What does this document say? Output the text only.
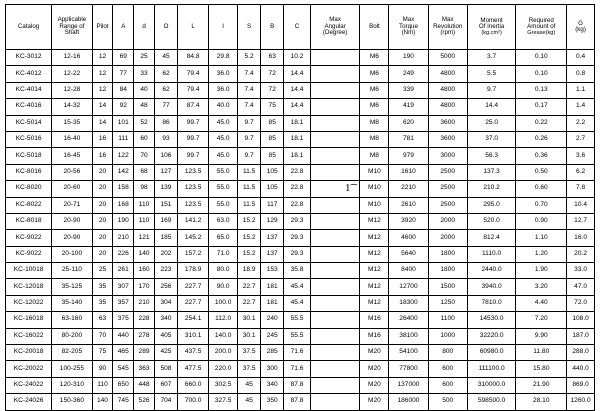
Catalog	Applicable
Range of
Shaft	Pilot	A	d	O	L	I	S	B	C	Max
Angular
(Degree)	Bolt	Max
Torque
(Nm)	Max
Revolution
(rpm)	Moment
Of Inertia
(kg.cm²)	Required
Amount of
Grease(kg)	G
(kg)

KC-3012	12-16	12	69	25	45	84.8	29.8	5.2	63	10.2		M6	190	5000	3.7	0.10	0.4
KC-4012	12-22	12	77	33	62	79.4	36.0	7.4	72	14.4		M6	249	4800	5.5	0.10	0.8
KC-4014	12-28	12	84	40	62	79.4	36.0	7.4	72	14.4		M6	339	4800	9.7	0.13	1.1
KC-4016	14-32	14	92	48	77	87.4	40.0	7.4	75	14.4		M6	419	4800	14.4	0.17	1.4
KC-5014	15-35	14	101	52	86	99.7	45.0	9.7	85	18.1		M8	620	3600	25.0	0.22	2.2
KC-5016	16-40	16	111	60	93	99.7	45.0	9.7	85	18.1		M8	781	3600	37.0	0.26	2.7
KC-5018	16-45	16	122	70	106	99.7	45.0	9.7	85	18.1		M8	979	3000	56.3	0.36	3.6
KC-8016	20-56	20	142	68	127	123.5	55.0	11.5	105	22.8		M10	1610	2500	137.3	0.50	6.2
KC-8020	20-60	20	158	98	139	123.5	55.0	11.5	105	22.8		M10	2210	2500	210.2	0.60	7.8
KC-8022	20-71	20	168	110	151	123.5	55.0	11.5	117	22.8		M10	2610	2500	295.0	0.70	10.4
KC-8018	20-90	20	190	110	169	141.2	63.0	15.2	129	29.3		M12	3920	2000	520.0	0.90	12.7
KC-9022	20-90	20	210	121	185	145.2	65.0	15.2	137	29.3		M12	4600	2000	812.4	1.10	16.0
KC-9022	20-100	20	226	140	202	157.2	71.0	15.2	137	29.3		M12	5640	1800	1110.0	1.20	20.2
KC-10018	25-110	25	261	160	223	178.9	80.0	18.9	153	35.8		M12	8400	1800	2440.0	1.90	33.0
KC-12018	35-125	35	307	170	256	227.7	90.0	22.7	181	45.4		M12	12700	1500	3940.0	3.20	47.0
KC-12022	35-140	35	357	210	304	227.7	100.0	22.7	181	45.4		M12	18300	1250	7810.0	4.40	72.0
KC-16018	63-160	63	375	228	340	254.1	112.0	30.1	240	55.5		M16	26400	1100	14530.0	7.20	108.0
KC-16022	80-200	70	440	278	405	310.1	140.0	30.1	245	55.5		M16	38100	1000	32220.0	9.90	187.0
KC-20018	82-205	75	465	289	425	437.5	200.0	37.5	285	71.6		M20	54100	800	60980.0	11.80	288.0
KC-20022	100-255	90	545	363	508	477.5	220.0	37.5	300	71.6		M20	77800	600	111100.0	15.80	440.0
KC-24022	120-310	110	650	448	607	660.0	302.5	45	340	87.8		M20	137000	600	310000.0	21.90	869.0
KC-24026	150-360	140	745	526	704	700.0	327.5	45	350	87.8		M20	186000	500	598500.0	28.10	1260.0
1͡
